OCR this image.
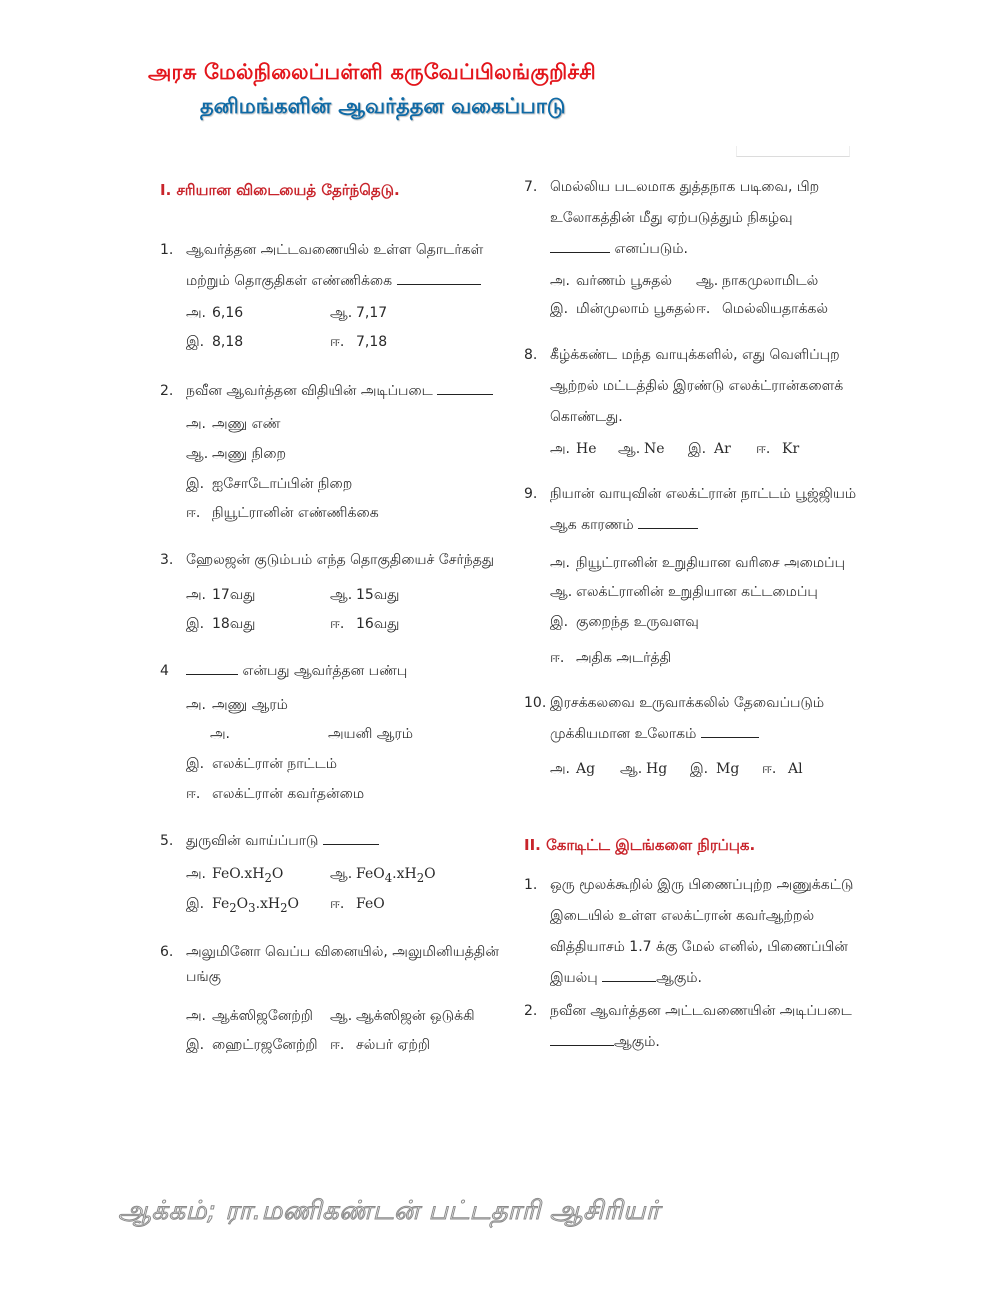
அரசு மேல்நிலைப்பள்ளி கருவேப்பிலங்குறிச்சி
தனிமங்களின் ஆவர்த்தன வகைப்பாடு
I. சரியான விடையைத் தேர்ந்தெடு.
1. ஆவர்த்தன அட்டவணையில் உள்ள தொடர்கள்
மற்றும் தொகுதிகள் எண்ணிக்கை
அ. 6,16	ஆ. 7,17
இ. 8,18	ஈ. 7,18
2. நவீன ஆவர்த்தன விதியின் அடிப்படை
அ. அணு எண்
ஆ. அணு நிறை
இ. ஐசோடோப்பின் நிறை
ஈ. நியூட்ரானின் எண்ணிக்கை
3. ஹேலஜன் குடும்பம் எந்த தொகுதியைச் சேர்ந்தது
அ. 17வது	ஆ. 15வது
இ. 18வது	ஈ. 16வது
4	என்பது ஆவர்த்தன பண்பு
அ. அணு ஆரம்
அ.	அயனி ஆரம்
இ. எலக்ட்ரான் நாட்டம்
ஈ. எலக்ட்ரான் கவர்தன்மை
5. துருவின் வாய்ப்பாடு
அ. $FeO.xH_2O$	ஆ. $FeO_4.xH_2O$
இ. $Fe_2O_3.xH_2O$ ஈ. FeO
6. அலுமினோ வெப்ப வினையில், அலுமினியத்தின்
பங்கு
அ. ஆக்ஸிஜனேற்றி ஆ. ஆக்ஸிஜன் ஒடுக்கி
இ. ஹைட்ரஜனேற்றி ஈ. சல்பர் ஏற்றி
7. மெல்லிய படலமாக துத்தநாக படிவை, பிற
உலோகத்தின் மீது ஏற்படுத்தும் நிகழ்வு
எனப்படும்.
அ. வர்ணம் பூசுதல் ஆ. நாகமுலாமிடல்
இ. மின்முலாம் பூசுதல் ஈ. மெல்லியதாக்கல்
8. கீழ்க்கண்ட மந்த வாயுக்களில், எது வெளிப்புற
ஆற்றல் மட்டத்தில் இரண்டு எலக்ட்ரான்களைக்
கொண்டது.
அ. He ஆ. Ne இ. Ar ஈ. Kr
9. நியான் வாயுவின் எலக்ட்ரான் நாட்டம் பூஜ்ஜியம்
ஆக காரணம்
அ. நியூட்ரானின் உறுதியான வரிசை அமைப்பு
ஆ. எலக்ட்ரானின் உறுதியான கட்டமைப்பு
இ. குறைந்த உருவளவு
ஈ. அதிக அடர்த்தி
10. இரசக்கலவை உருவாக்கலில் தேவைப்படும்
முக்கியமான உலோகம்
அ. Ag ஆ. Hg இ. Mg ஈ. Al
II. கோடிட்ட இடங்களை நிரப்புக.
1. ஒரு மூலக்கூறில் இரு பிணைப்புற்ற அணுக்கட்டு
இடையில் உள்ள எலக்ட்ரான் கவர்ஆற்றல்
வித்தியாசம் 1.7 க்கு மேல் எனில், பிணைப்பின்
இயல்பு	ஆகும்.
2. நவீன ஆவர்த்தன அட்டவணையின் அடிப்படை
ஆகும்.
ஆக்கம்; ரா.மணிகண்டன் பட்டதாரி ஆசிரியர்
